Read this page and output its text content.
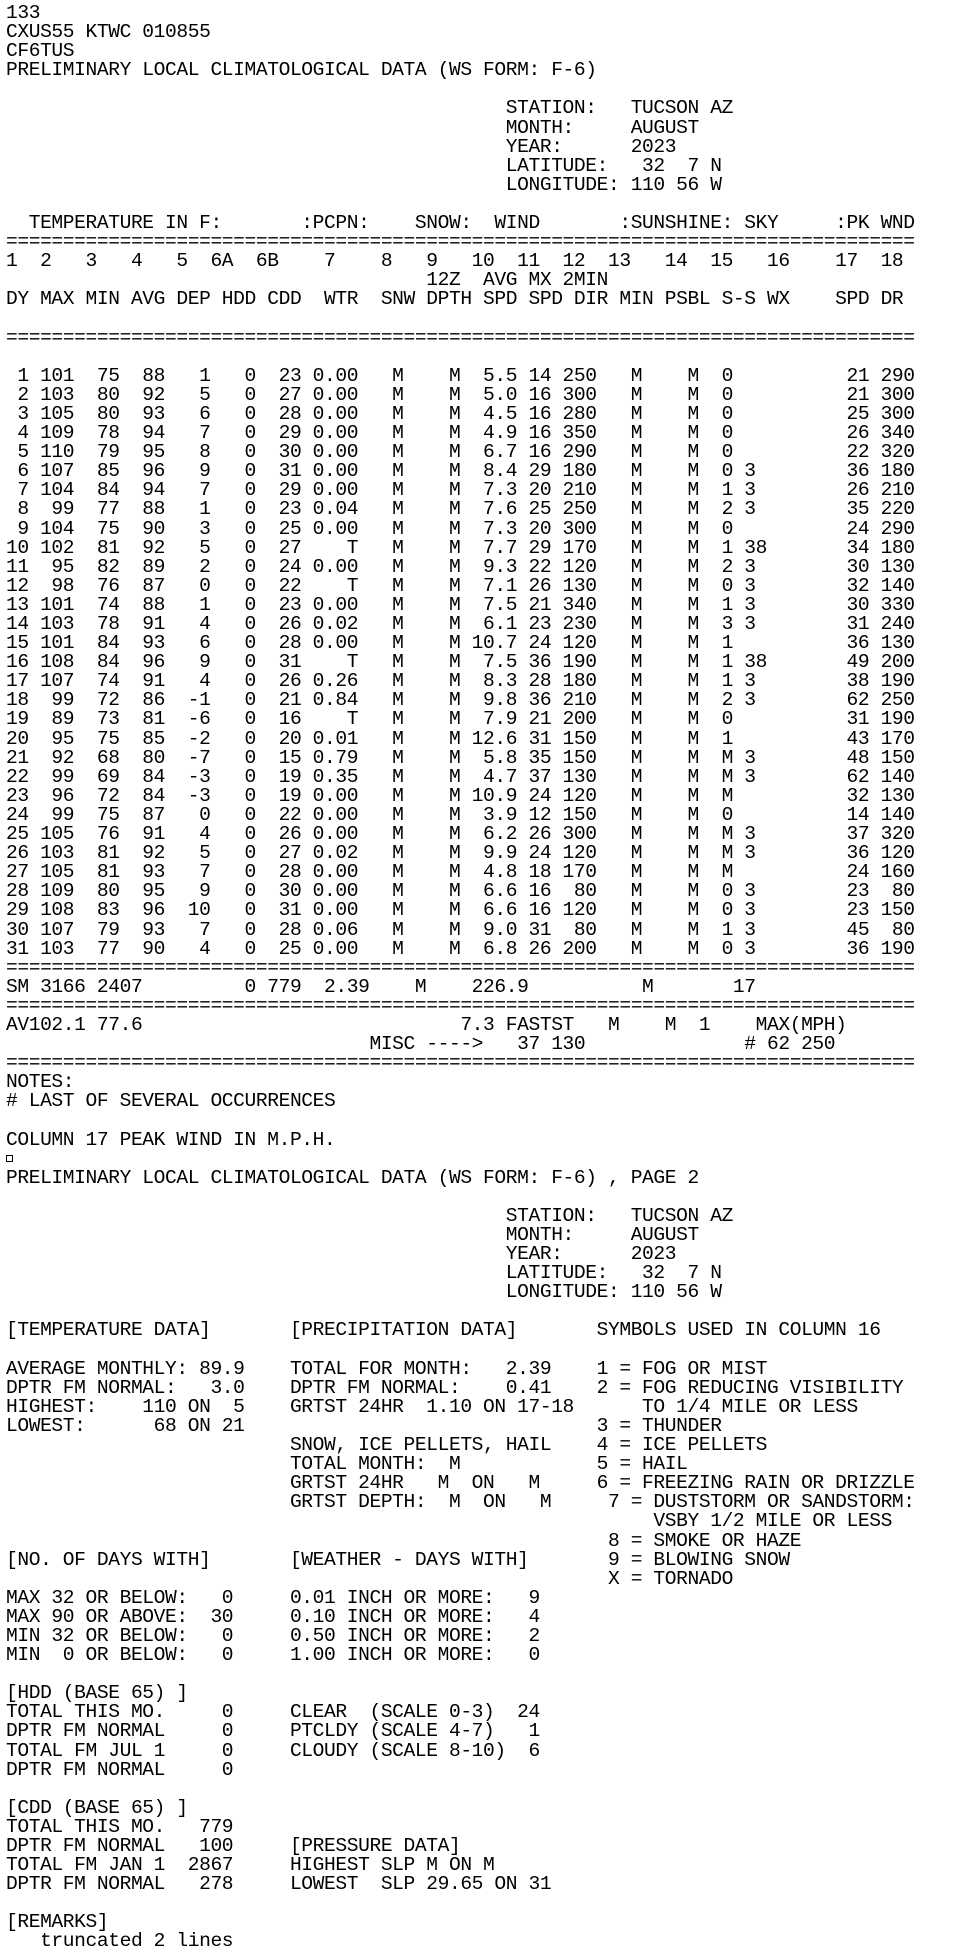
133
CXUS55 KTWC 010855
CF6TUS
PRELIMINARY LOCAL CLIMATOLOGICAL DATA (WS FORM: F-6)
STATION:   TUCSON AZ
MONTH:     AUGUST
YEAR:      2023
LATITUDE:   32  7 N
LONGITUDE: 110 56 W
TEMPERATURE IN F:       :PCPN:    SNOW:  WIND       :SUNSHINE: SKY     :PK WND
================================================================================
1  2   3   4   5  6A  6B    7    8   9   10  11  12  13   14  15   16    17  18
12Z  AVG MX 2MIN
DY MAX MIN AVG DEP HDD CDD  WTR  SNW DPTH SPD SPD DIR MIN PSBL S-S WX    SPD DR
================================================================================
1 101  75  88   1   0  23 0.00   M    M  5.5 14 250   M    M  0          21 290
2 103  80  92   5   0  27 0.00   M    M  5.0 16 300   M    M  0          21 300
3 105  80  93   6   0  28 0.00   M    M  4.5 16 280   M    M  0          25 300
4 109  78  94   7   0  29 0.00   M    M  4.9 16 350   M    M  0          26 340
5 110  79  95   8   0  30 0.00   M    M  6.7 16 290   M    M  0          22 320
6 107  85  96   9   0  31 0.00   M    M  8.4 29 180   M    M  0 3        36 180
7 104  84  94   7   0  29 0.00   M    M  7.3 20 210   M    M  1 3        26 210
8  99  77  88   1   0  23 0.04   M    M  7.6 25 250   M    M  2 3        35 220
9 104  75  90   3   0  25 0.00   M    M  7.3 20 300   M    M  0          24 290
10 102  81  92   5   0  27    T   M    M  7.7 29 170   M    M  1 38       34 180
11  95  82  89   2   0  24 0.00   M    M  9.3 22 120   M    M  2 3        30 130
12  98  76  87   0   0  22    T   M    M  7.1 26 130   M    M  0 3        32 140
13 101  74  88   1   0  23 0.00   M    M  7.5 21 340   M    M  1 3        30 330
14 103  78  91   4   0  26 0.02   M    M  6.1 23 230   M    M  3 3        31 240
15 101  84  93   6   0  28 0.00   M    M 10.7 24 120   M    M  1          36 130
16 108  84  96   9   0  31    T   M    M  7.5 36 190   M    M  1 38       49 200
17 107  74  91   4   0  26 0.26   M    M  8.3 28 180   M    M  1 3        38 190
18  99  72  86  -1   0  21 0.84   M    M  9.8 36 210   M    M  2 3        62 250
19  89  73  81  -6   0  16    T   M    M  7.9 21 200   M    M  0          31 190
20  95  75  85  -2   0  20 0.01   M    M 12.6 31 150   M    M  1          43 170
21  92  68  80  -7   0  15 0.79   M    M  5.8 35 150   M    M  M 3        48 150
22  99  69  84  -3   0  19 0.35   M    M  4.7 37 130   M    M  M 3        62 140
23  96  72  84  -3   0  19 0.00   M    M 10.9 24 120   M    M  M          32 130
24  99  75  87   0   0  22 0.00   M    M  3.9 12 150   M    M  0          14 140
25 105  76  91   4   0  26 0.00   M    M  6.2 26 300   M    M  M 3        37 320
26 103  81  92   5   0  27 0.02   M    M  9.9 24 120   M    M  M 3        36 120
27 105  81  93   7   0  28 0.00   M    M  4.8 18 170   M    M  M          24 160
28 109  80  95   9   0  30 0.00   M    M  6.6 16  80   M    M  0 3        23  80
29 108  83  96  10   0  31 0.00   M    M  6.6 16 120   M    M  0 3        23 150
30 107  79  93   7   0  28 0.06   M    M  9.0 31  80   M    M  1 3        45  80
31 103  77  90   4   0  25 0.00   M    M  6.8 26 200   M    M  0 3        36 190
================================================================================
SM 3166 2407         0 779  2.39    M    226.9          M       17
================================================================================
AV102.1 77.6                            7.3 FASTST   M    M  1    MAX(MPH)
MISC ---->   37 130              # 62 250
================================================================================
NOTES:
# LAST OF SEVERAL OCCURRENCES
COLUMN 17 PEAK WIND IN M.P.H.
PRELIMINARY LOCAL CLIMATOLOGICAL DATA (WS FORM: F-6) , PAGE 2
STATION:   TUCSON AZ
MONTH:     AUGUST
YEAR:      2023
LATITUDE:   32  7 N
LONGITUDE: 110 56 W
[TEMPERATURE DATA]       [PRECIPITATION DATA]       SYMBOLS USED IN COLUMN 16
AVERAGE MONTHLY: 89.9    TOTAL FOR MONTH:   2.39    1 = FOG OR MIST
DPTR FM NORMAL:   3.0    DPTR FM NORMAL:    0.41    2 = FOG REDUCING VISIBILITY
HIGHEST:    110 ON  5    GRTST 24HR  1.10 ON 17-18      TO 1/4 MILE OR LESS
LOWEST:      68 ON 21                               3 = THUNDER
SNOW, ICE PELLETS, HAIL    4 = ICE PELLETS
TOTAL MONTH:  M            5 = HAIL
GRTST 24HR   M  ON   M     6 = FREEZING RAIN OR DRIZZLE
GRTST DEPTH:  M  ON   M     7 = DUSTSTORM OR SANDSTORM:
VSBY 1/2 MILE OR LESS
8 = SMOKE OR HAZE
[NO. OF DAYS WITH]       [WEATHER - DAYS WITH]       9 = BLOWING SNOW
X = TORNADO
MAX 32 OR BELOW:   0     0.01 INCH OR MORE:   9
MAX 90 OR ABOVE:  30     0.10 INCH OR MORE:   4
MIN 32 OR BELOW:   0     0.50 INCH OR MORE:   2
MIN  0 OR BELOW:   0     1.00 INCH OR MORE:   0
[HDD (BASE 65) ]
TOTAL THIS MO.     0     CLEAR  (SCALE 0-3)  24
DPTR FM NORMAL     0     PTCLDY (SCALE 4-7)   1
TOTAL FM JUL 1     0     CLOUDY (SCALE 8-10)  6
DPTR FM NORMAL     0
[CDD (BASE 65) ]
TOTAL THIS MO.   779
DPTR FM NORMAL   100     [PRESSURE DATA]
TOTAL FM JAN 1  2867     HIGHEST SLP M ON M
DPTR FM NORMAL   278     LOWEST  SLP 29.65 ON 31
[REMARKS]
truncated 2 lines
